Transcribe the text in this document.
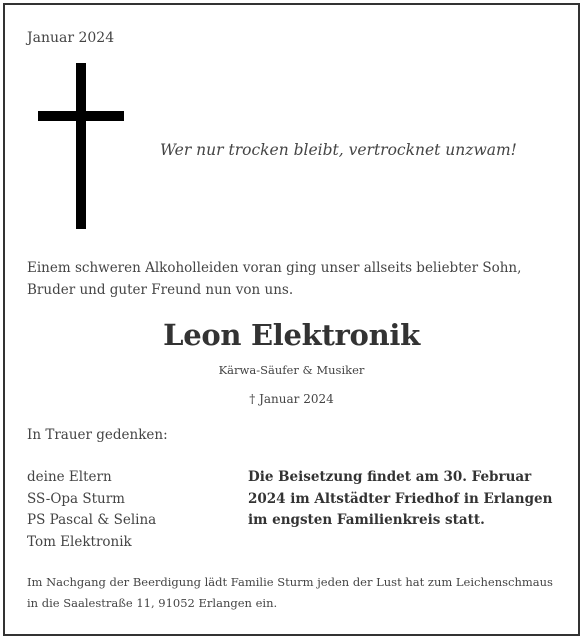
Januar 2024
Wer nur trocken bleibt, vertrocknet unzwam!
Einem schweren Alkoholleiden voran ging unser allseits beliebter Sohn, Bruder und guter Freund nun von uns.
Leon Elektronik
Kärwa-Säufer & Musiker
† Januar 2024
In Trauer gedenken:
deine Eltern
SS-Opa Sturm
PS Pascal & Selina
Tom Elektronik
Die Beisetzung findet am 30. Februar 2024 im Altstädter Friedhof in Erlangen im engsten Familienkreis statt.
Im Nachgang der Beerdigung lädt Familie Sturm jeden der Lust hat zum Leichenschmaus in die Saalestraße 11, 91052 Erlangen ein.
